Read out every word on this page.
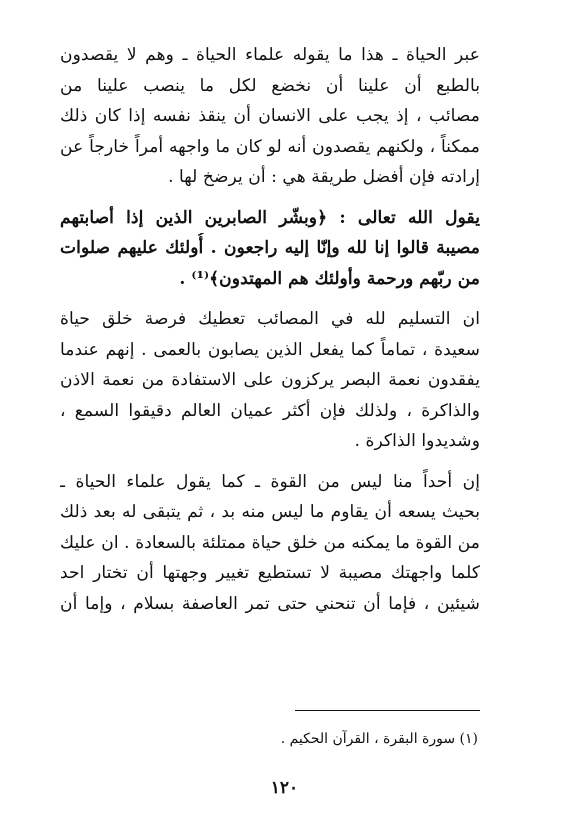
عبر الحياة ـ هذا ما يقوله علماء الحياة ـ وهم لا يقصدون
بالطبع أن علينا أن نخضع لكل ما ينصب علينا من
مصائب ، إذ يجب على الانسان أن ينقذ نفسه إذا كان ذلك
ممكناً ، ولكنهم يقصدون أنه لو كان ما واجهه أمراً خارجاً عن
إرادته فإن أفضل طريقة هي : أن يرضخ لها .
يقول الله تعالى : ﴿وبشّر الصابرين الذين إذا أصابتهم
مصيبة قالوا إنا لله وإنّا إليه راجعون . أُولئك عليهم صلوات
من ربّهم ورحمة وأولئك هم المهتدون﴾⁽¹⁾ .
ان التسليم لله في المصائب تعطيك فرصة خلق حياة
سعيدة ، تماماً كما يفعل الذين يصابون بالعمى . إنهم عندما
يفقدون نعمة البصر يركزون على الاستفادة من نعمة الاذن
والذاكرة ، ولذلك فإن أكثر عميان العالم دقيقوا السمع ،
وشديدوا الذاكرة .
إن أحداً منا ليس من القوة ـ كما يقول علماء الحياة ـ
بحيث يسعه أن يقاوم ما ليس منه بد ، ثم يتبقى له بعد ذلك
من القوة ما يمكنه من خلق حياة ممتلئة بالسعادة . ان عليك
كلما واجهتك مصيبة لا تستطيع تغيير وجهتها أن تختار احد
شيئين ، فإما أن تنحني حتى تمر العاصفة بسلام ، وإما أن
(١) سورة البقرة ، القرآن الحكيم .
١٢٠
